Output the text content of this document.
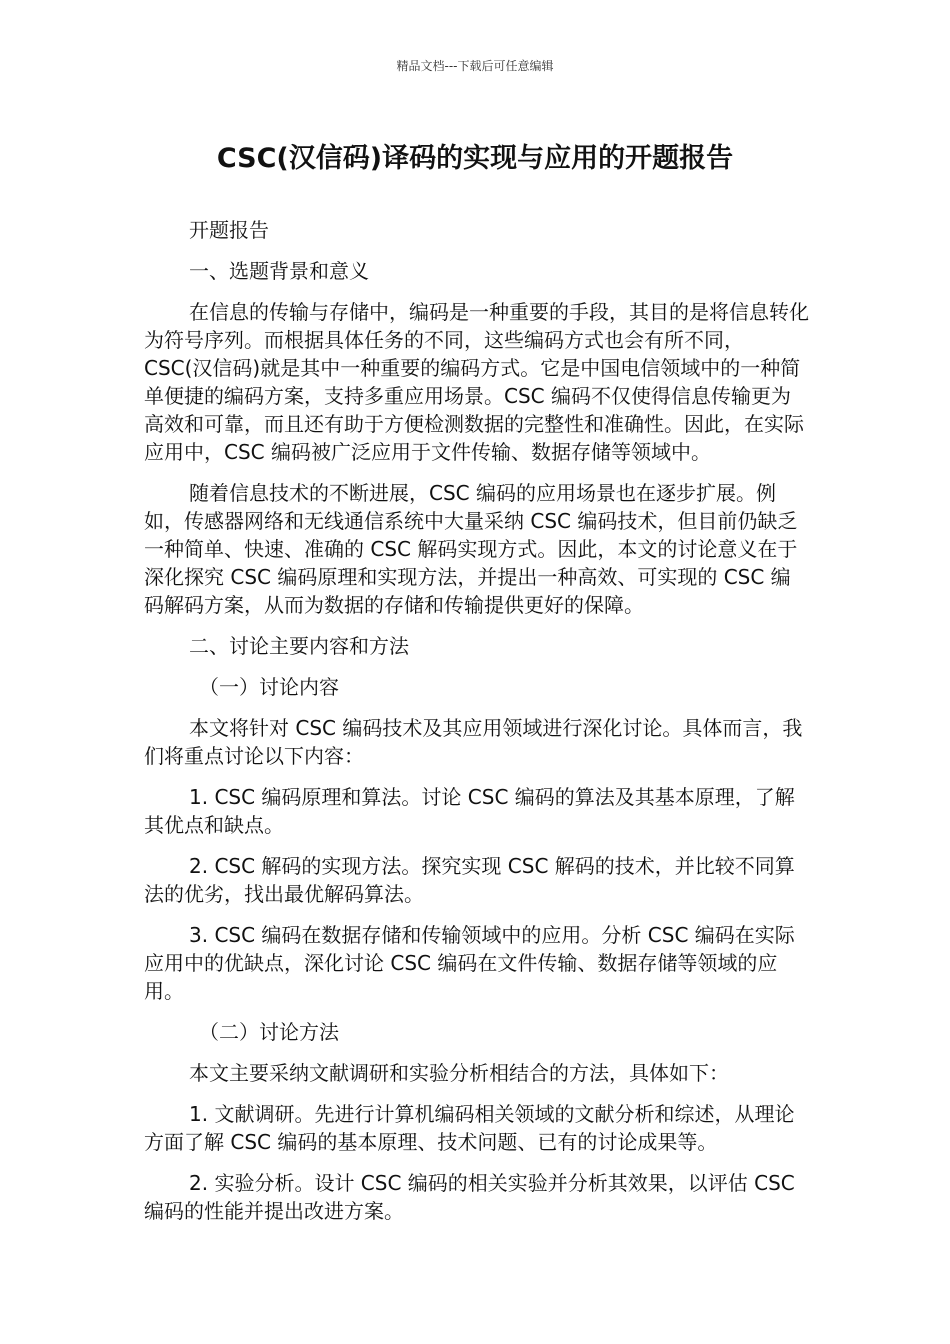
精品文档---下载后可任意编辑
CSC(汉信码)译码的实现与应用的开题报告

开题报告

一、选题背景和意义

在信息的传输与存储中，编码是一种重要的手段，其目的是将信息转化为符号序列。而根据具体任务的不同，这些编码方式也会有所不同，CSC(汉信码)就是其中一种重要的编码方式。它是中国电信领域中的一种简单便捷的编码方案，支持多重应用场景。CSC 编码不仅使得信息传输更为高效和可靠，而且还有助于方便检测数据的完整性和准确性。因此，在实际应用中，CSC 编码被广泛应用于文件传输、数据存储等领域中。

随着信息技术的不断进展，CSC 编码的应用场景也在逐步扩展。例如，传感器网络和无线通信系统中大量采纳 CSC 编码技术，但目前仍缺乏一种简单、快速、准确的 CSC 解码实现方式。因此，本文的讨论意义在于深化探究 CSC 编码原理和实现方法，并提出一种高效、可实现的 CSC 编码解码方案，从而为数据的存储和传输提供更好的保障。

二、讨论主要内容和方法

（一）讨论内容

本文将针对 CSC 编码技术及其应用领域进行深化讨论。具体而言，我们将重点讨论以下内容：

1. CSC 编码原理和算法。讨论 CSC 编码的算法及其基本原理，了解其优点和缺点。

2. CSC 解码的实现方法。探究实现 CSC 解码的技术，并比较不同算法的优劣，找出最优解码算法。

3. CSC 编码在数据存储和传输领域中的应用。分析 CSC 编码在实际应用中的优缺点，深化讨论 CSC 编码在文件传输、数据存储等领域的应用。

（二）讨论方法

本文主要采纳文献调研和实验分析相结合的方法，具体如下：

1. 文献调研。先进行计算机编码相关领域的文献分析和综述，从理论方面了解 CSC 编码的基本原理、技术问题、已有的讨论成果等。

2. 实验分析。设计 CSC 编码的相关实验并分析其效果，以评估 CSC 编码的性能并提出改进方案。
